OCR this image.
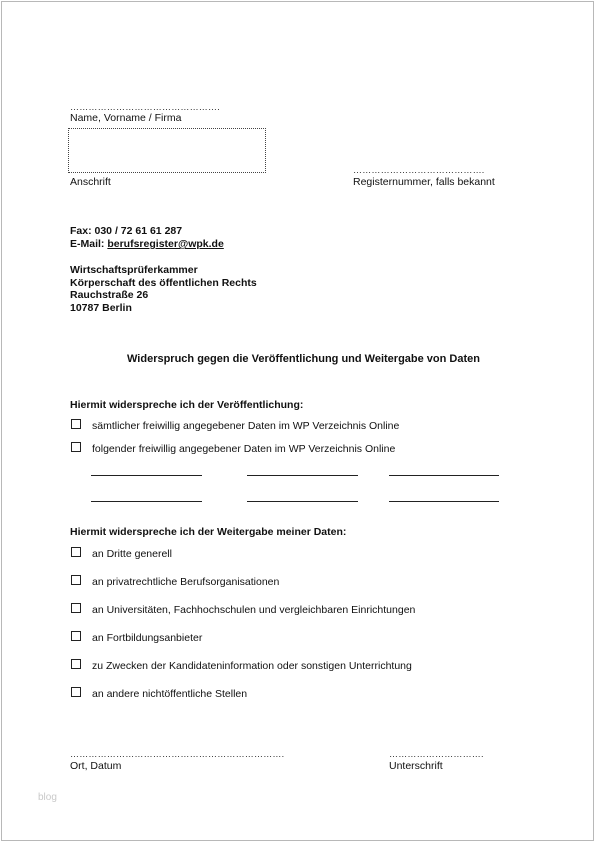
………………………………………….
Name, Vorname / Firma
Anschrift
…………………………………….
Registernummer, falls bekannt
Fax: 030 / 72 61 61 287
E-Mail: berufsregister@wpk.de
Wirtschaftsprüferkammer
Körperschaft des öffentlichen Rechts
Rauchstraße 26
10787 Berlin
Widerspruch gegen die Veröffentlichung und Weitergabe von Daten
Hiermit widerspreche ich der Veröffentlichung:
sämtlicher freiwillig angegebener Daten im WP Verzeichnis Online
folgender freiwillig angegebener Daten im WP Verzeichnis Online
Hiermit widerspreche ich der Weitergabe meiner Daten:
an Dritte generell
an privatrechtliche Berufsorganisationen
an Universitäten, Fachhochschulen und vergleichbaren Einrichtungen
an Fortbildungsanbieter
zu Zwecken der Kandidateninformation oder sonstigen Unterrichtung
an andere nichtöffentliche Stellen
…………………………………………………………….
Ort, Datum
………………………….
Unterschrift
blog
